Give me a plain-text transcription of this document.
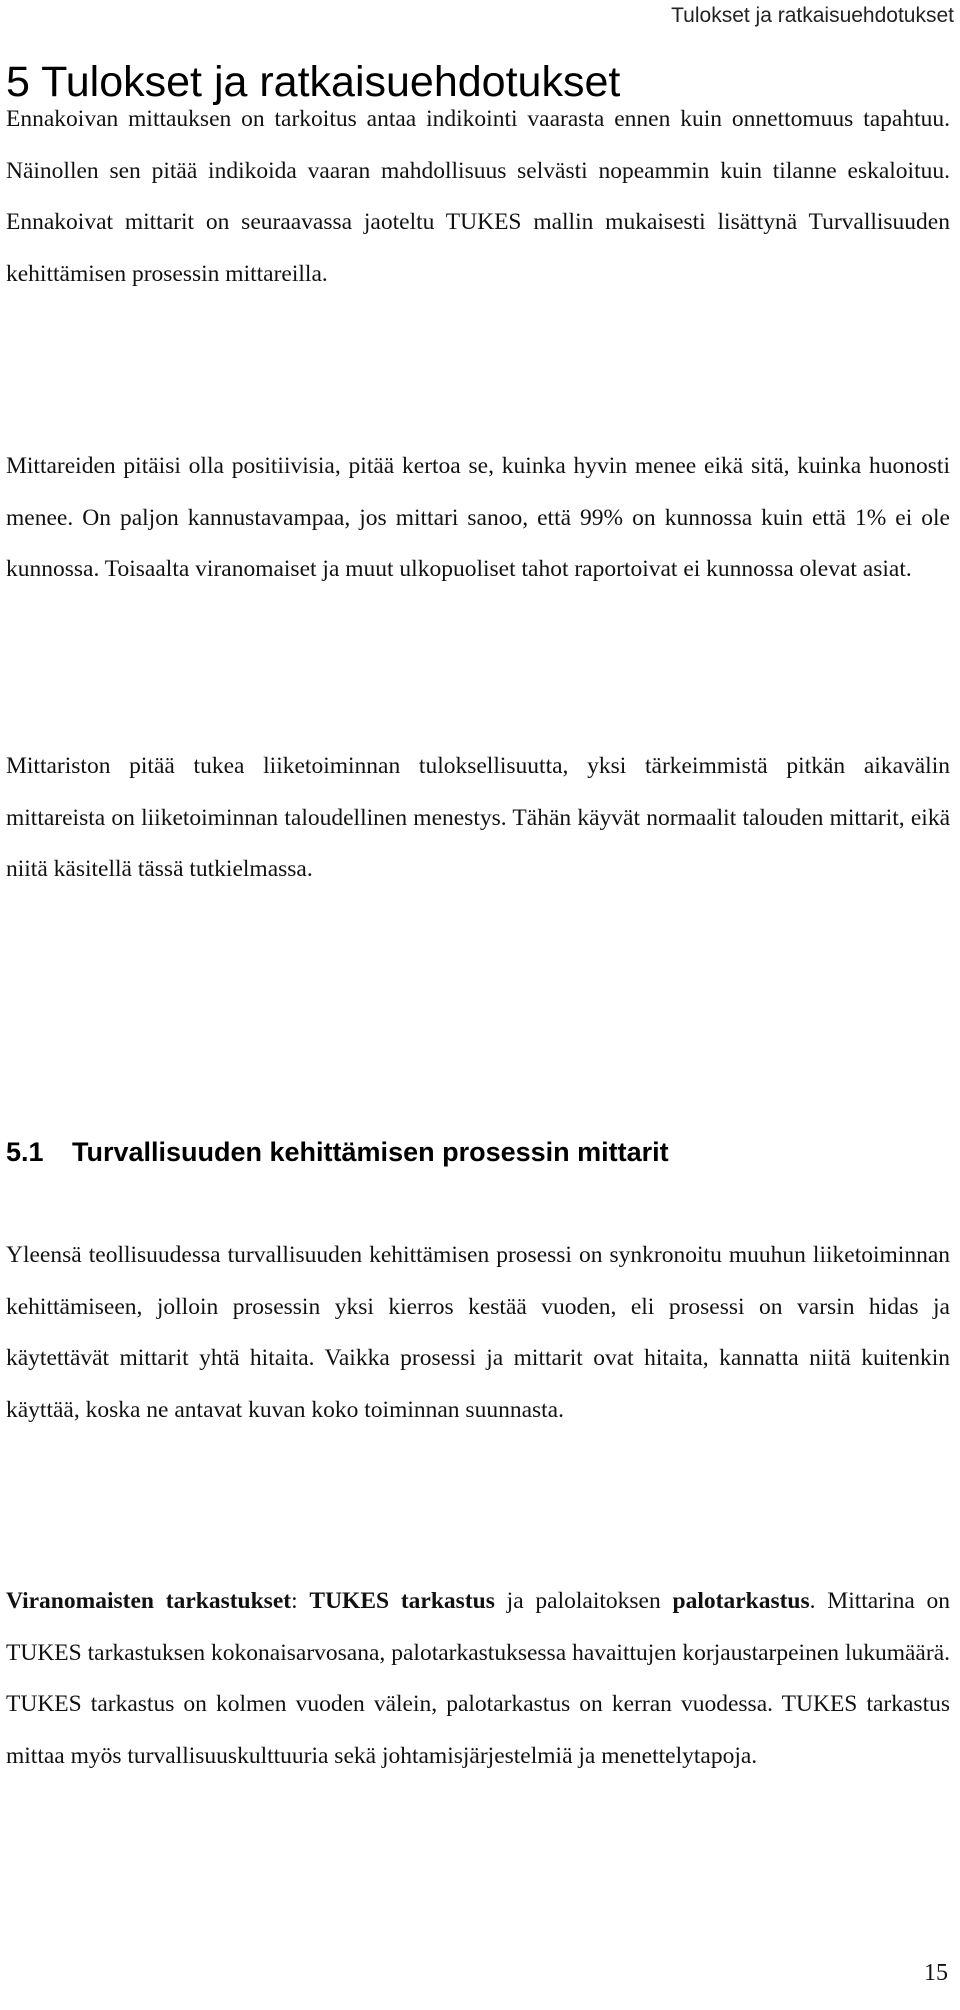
Tulokset ja ratkaisuehdotukset
5 Tulokset ja ratkaisuehdotukset

Ennakoivan mittauksen on tarkoitus antaa indikointi vaarasta ennen kuin onnettomuus tapahtuu. Näinollen sen pitää indikoida vaaran mahdollisuus selvästi nopeammin kuin tilanne eskaloituu. Ennakoivat mittarit on seuraavassa jaoteltu TUKES mallin mukaisesti lisättynä Turvallisuuden kehittämisen prosessin mittareilla.

Mittareiden pitäisi olla positiivisia, pitää kertoa se, kuinka hyvin menee eikä sitä, kuinka huonosti menee. On paljon kannustavampaa, jos mittari sanoo, että 99% on kunnossa kuin että 1% ei ole kunnossa. Toisaalta viranomaiset ja muut ulkopuoliset tahot raportoivat ei kunnossa olevat asiat.

Mittariston pitää tukea liiketoiminnan tuloksellisuutta, yksi tärkeimmistä pitkän aikavälin mittareista on liiketoiminnan taloudellinen menestys. Tähän käyvät normaalit talouden mittarit, eikä niitä käsitellä tässä tutkielmassa.

5.1 Turvallisuuden kehittämisen prosessin mittarit

Yleensä teollisuudessa turvallisuuden kehittämisen prosessi on synkronoitu muuhun liiketoiminnan kehittämiseen, jolloin prosessin yksi kierros kestää vuoden, eli prosessi on varsin hidas ja käytettävät mittarit yhtä hitaita. Vaikka prosessi ja mittarit ovat hitaita, kannatta niitä kuitenkin käyttää, koska ne antavat kuvan koko toiminnan suunnasta.

Viranomaisten tarkastukset: TUKES tarkastus ja palolaitoksen palotarkastus. Mittarina on TUKES tarkastuksen kokonaisarvosana, palotarkastuksessa havaittujen korjaustarpeinen lukumäärä. TUKES tarkastus on kolmen vuoden välein, palotarkastus on kerran vuodessa. TUKES tarkastus mittaa myös turvallisuuskulttuuria sekä johtamisjärjestelmiä ja menettelytapoja.

15
